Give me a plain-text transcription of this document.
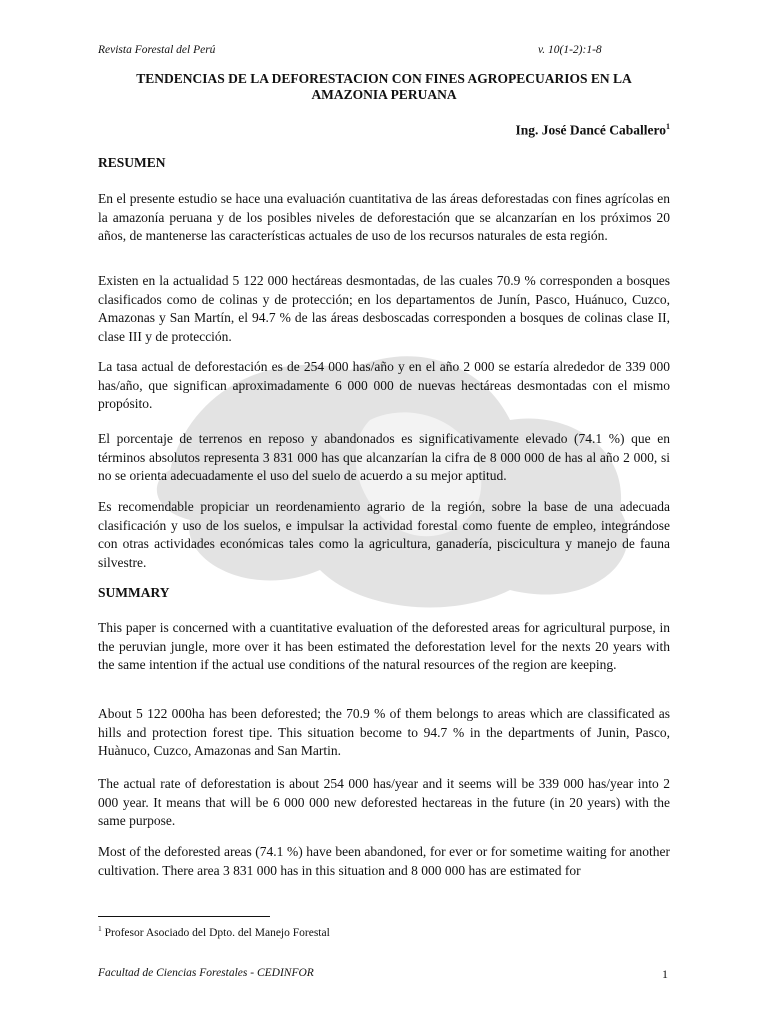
Revista Forestal del Perú	v. 10(1-2):1-8
TENDENCIAS DE LA DEFORESTACION CON FINES AGROPECUARIOS EN LA AMAZONIA PERUANA
Ing. José Dancé Caballero$^1$
RESUMEN

En el presente estudio se hace una evaluación cuantitativa de las áreas deforestadas con fines agrícolas en la amazonía peruana y de los posibles niveles de deforestación que se alcanzarían en los próximos 20 años, de mantenerse las características actuales de uso de los recursos naturales de esta región.

Existen en la actualidad 5 122 000 hectáreas desmontadas, de las cuales 70.9 % corresponden a bosques clasificados como de colinas y de protección; en los departamentos de Junín, Pasco, Huánuco, Cuzco, Amazonas y San Martín, el 94.7 % de las áreas desboscadas corresponden a bosques de colinas clase II, clase III y de protección.

La tasa actual de deforestación es de 254 000 has/año y en el año 2 000 se estaría alrededor de 339 000 has/año, que significan aproximadamente 6 000 000 de nuevas hectáreas desmontadas con el mismo propósito.

El porcentaje de terrenos en reposo y abandonados es significativamente elevado (74.1 %) que en términos absolutos representa 3 831 000 has que alcanzarían la cifra de 8 000 000 de has al año 2 000, si no se orienta adecuadamente el uso del suelo de acuerdo a su mejor aptitud.

Es recomendable propiciar un reordenamiento agrario de la región, sobre la base de una adecuada clasificación y uso de los suelos, e impulsar la actividad forestal como fuente de empleo, integrándose con otras actividades económicas tales como la agricultura, ganadería, piscicultura y manejo de fauna silvestre.

SUMMARY

This paper is concerned with a cuantitative evaluation of the deforested areas for agricultural purpose, in the peruvian jungle, more over it has been estimated the deforestation level for the nexts 20 years with the same intention if the actual use conditions of the natural resources of the region are keeping.

About 5 122 000ha has been deforested; the 70.9 % of them belongs to areas which are classificated as hills and protection forest tipe. This situation become to 94.7 % in the departments of Junin, Pasco, Huànuco, Cuzco, Amazonas and San Martin.

The actual rate of deforestation is about 254 000 has/year and it seems will be 339 000 has/year into 2 000 year. It means that will be 6 000 000 new deforested hectareas in the future (in 20 years) with the same purpose.

Most of the deforested areas (74.1 %) have been abandoned, for ever or for sometime waiting for another cultivation. There area 3 831 000 has in this situation and 8 000 000 has are estimated for

$^1$ Profesor Asociado del Dpto. del Manejo Forestal
Facultad de Ciencias Forestales - CEDINFOR	1
